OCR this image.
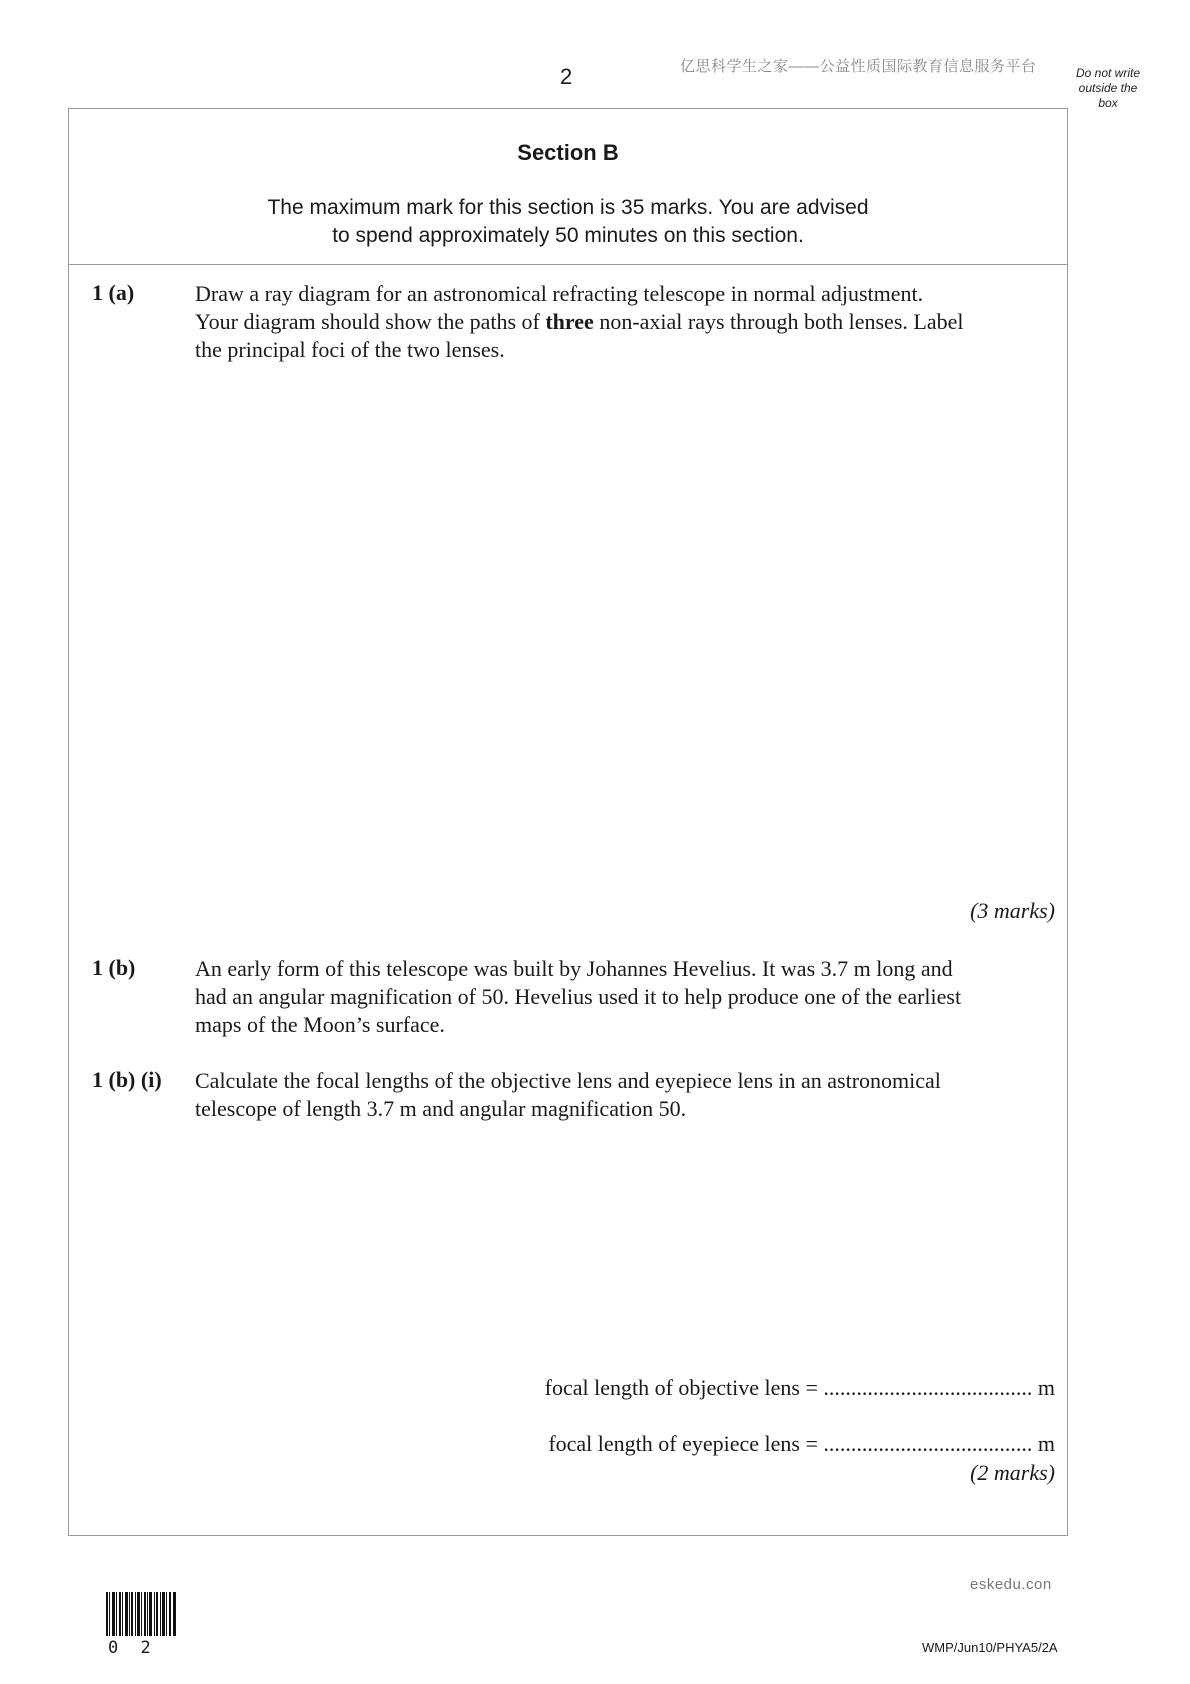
2	亿思科学生之家——公益性质国际教育信息服务平台	Do not write
outside the
box
Section B
The maximum mark for this section is 35 marks. You are advised
to spend approximately 50 minutes on this section.
1 (a)	Draw a ray diagram for an astronomical refracting telescope in normal adjustment.
Your diagram should show the paths of three non-axial rays through both lenses. Label
the principal foci of the two lenses.
(3 marks)
1 (b)	An early form of this telescope was built by Johannes Hevelius. It was 3.7 m long and
had an angular magnification of 50. Hevelius used it to help produce one of the earliest
maps of the Moon’s surface.
1 (b) (i) Calculate the focal lengths of the objective lens and eyepiece lens in an astronomical
telescope of length 3.7 m and angular magnification 50.
focal length of objective lens = ...................................... m
focal length of eyepiece lens = ...................................... m
(2 marks)
eskedu.con
0 2	WMP/Jun10/PHYA5/2A
